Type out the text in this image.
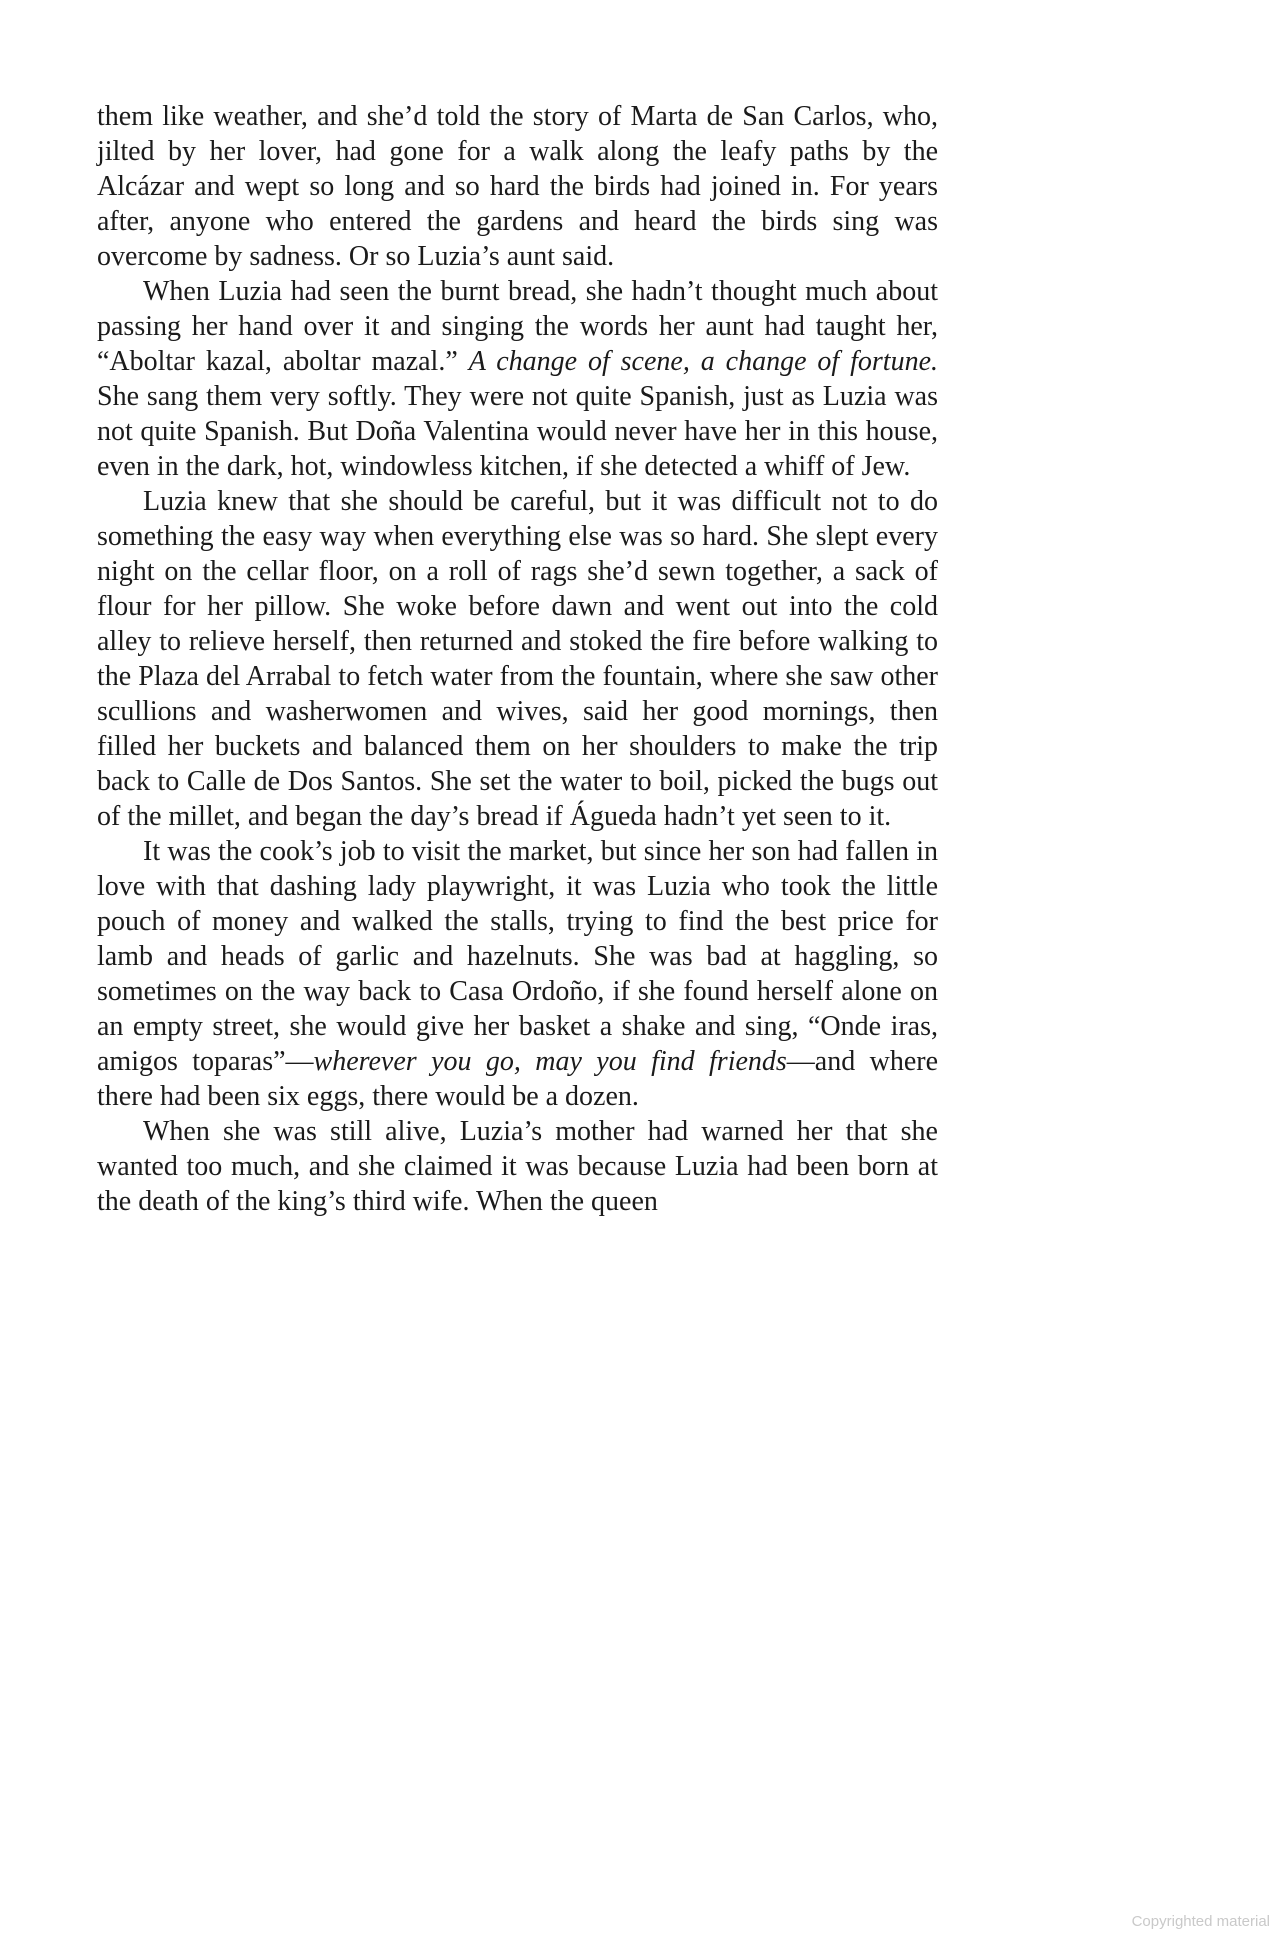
them like weather, and she’d told the story of Marta de San Carlos, who, jilted by her lover, had gone for a walk along the leafy paths by the Alcázar and wept so long and so hard the birds had joined in. For years after, anyone who entered the gardens and heard the birds sing was overcome by sadness. Or so Luzia’s aunt said.

When Luzia had seen the burnt bread, she hadn’t thought much about passing her hand over it and singing the words her aunt had taught her, “Aboltar kazal, aboltar mazal.” A change of scene, a change of fortune. She sang them very softly. They were not quite Spanish, just as Luzia was not quite Spanish. But Doña Valentina would never have her in this house, even in the dark, hot, windowless kitchen, if she detected a whiff of Jew.

Luzia knew that she should be careful, but it was difficult not to do something the easy way when everything else was so hard. She slept every night on the cellar floor, on a roll of rags she’d sewn together, a sack of flour for her pillow. She woke before dawn and went out into the cold alley to relieve herself, then returned and stoked the fire before walking to the Plaza del Arrabal to fetch water from the fountain, where she saw other scullions and washerwomen and wives, said her good mornings, then filled her buckets and balanced them on her shoulders to make the trip back to Calle de Dos Santos. She set the water to boil, picked the bugs out of the millet, and began the day’s bread if Águeda hadn’t yet seen to it.

It was the cook’s job to visit the market, but since her son had fallen in love with that dashing lady playwright, it was Luzia who took the little pouch of money and walked the stalls, trying to find the best price for lamb and heads of garlic and hazelnuts. She was bad at haggling, so sometimes on the way back to Casa Ordoño, if she found herself alone on an empty street, she would give her basket a shake and sing, “Onde iras, amigos toparas”—wherever you go, may you find friends—and where there had been six eggs, there would be a dozen.

When she was still alive, Luzia’s mother had warned her that she wanted too much, and she claimed it was because Luzia had been born at the death of the king’s third wife. When the queen

Copyrighted material
